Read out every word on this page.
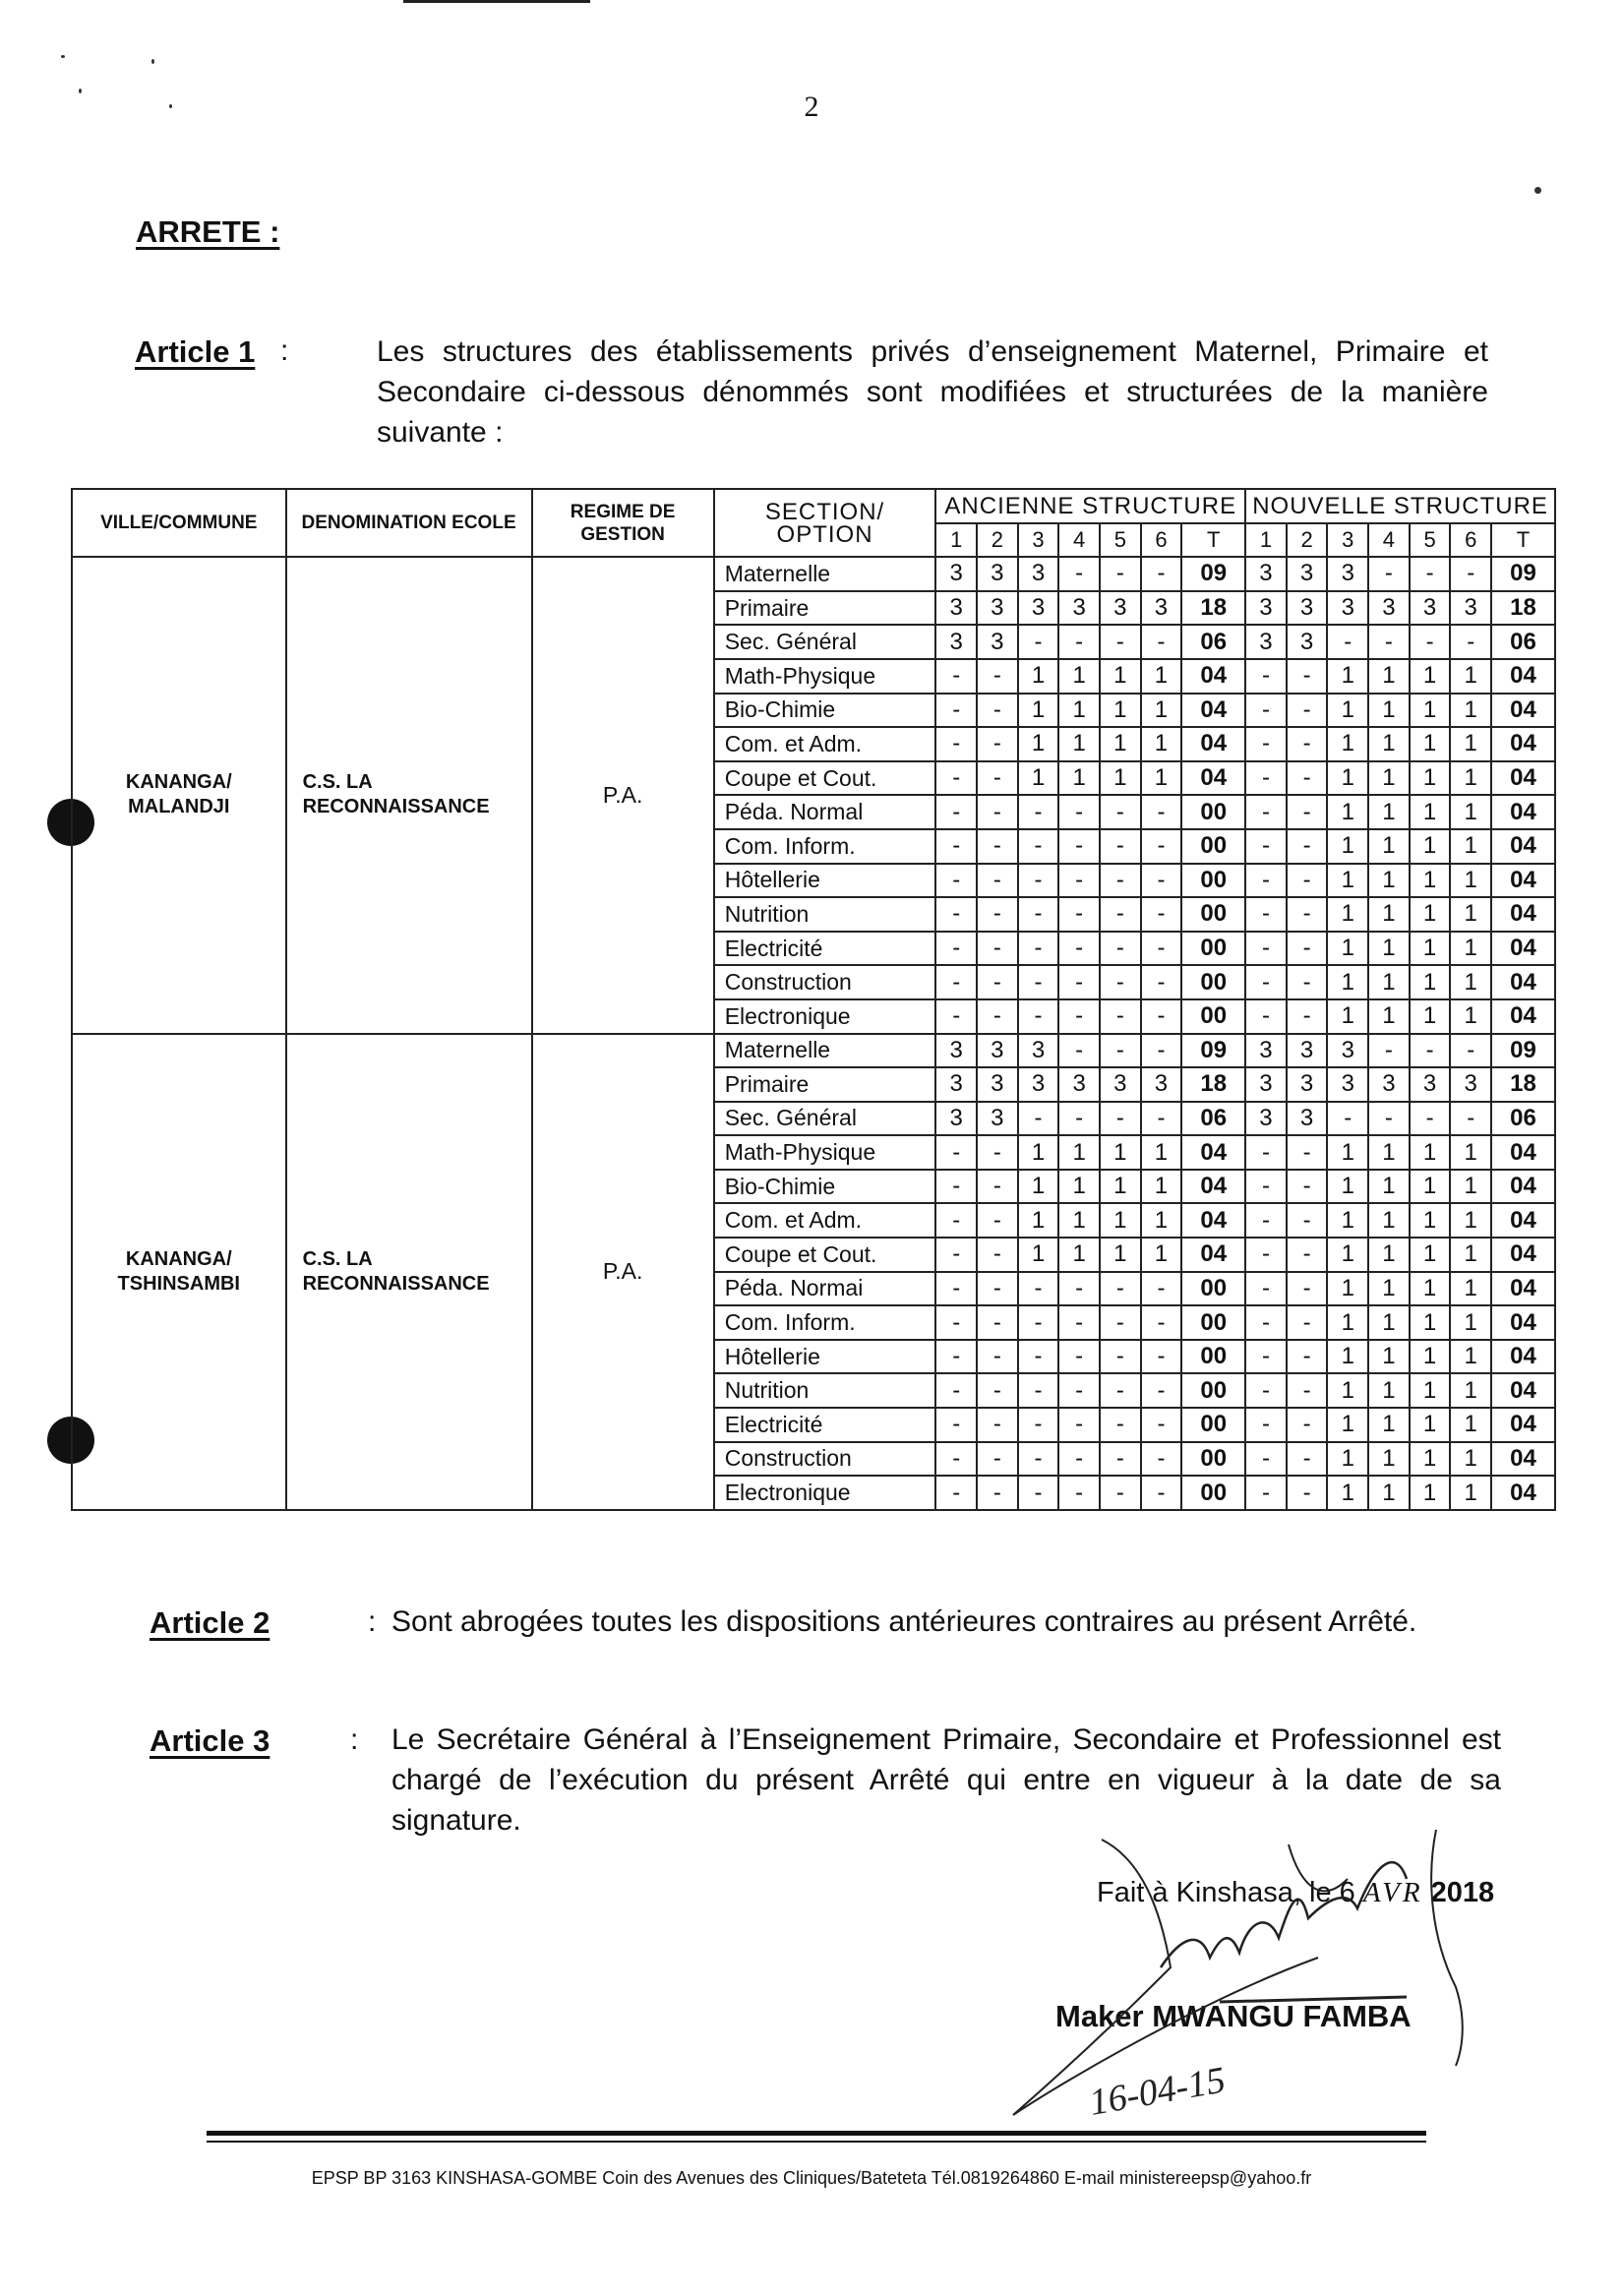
2
ARRETE :
Article 1 :	Les structures des établissements privés d’enseignement Maternel, Primaire et Secondaire ci-dessous dénommés sont modifiées et structurées de la manière suivante :
VILLE/COMMUNE	DENOMINATION ECOLE	REGIME DE GESTION	SECTION/ OPTION	ANCIENNE STRUCTURE							NOUVELLE STRUCTURE						
				1	2	3	4	5	6	T	1	2	3	4	5	6	T
KANANGA/ MALANDJI	C.S. LA RECONNAISSANCE	P.A.	Maternelle	3	3	3	-	-	-	09	3	3	3	-	-	-	09
			Primaire	3	3	3	3	3	3	18	3	3	3	3	3	3	18
			Sec. Général	3	3	-	-	-	-	06	3	3	-	-	-	-	06
			Math-Physique	-	-	1	1	1	1	04	-	-	1	1	1	1	04
			Bio-Chimie	-	-	1	1	1	1	04	-	-	1	1	1	1	04
			Com. et Adm.	-	-	1	1	1	1	04	-	-	1	1	1	1	04
			Coupe et Cout.	-	-	1	1	1	1	04	-	-	1	1	1	1	04
			Péda. Normal	-	-	-	-	-	-	00	-	-	1	1	1	1	04
			Com. Inform.	-	-	-	-	-	-	00	-	-	1	1	1	1	04
			Hôtellerie	-	-	-	-	-	-	00	-	-	1	1	1	1	04
			Nutrition	-	-	-	-	-	-	00	-	-	1	1	1	1	04
			Electricité	-	-	-	-	-	-	00	-	-	1	1	1	1	04
			Construction	-	-	-	-	-	-	00	-	-	1	1	1	1	04
			Electronique	-	-	-	-	-	-	00	-	-	1	1	1	1	04
KANANGA/ TSHINSAMBI	C.S. LA RECONNAISSANCE	P.A.	Maternelle	3	3	3	-	-	-	09	3	3	3	-	-	-	09
			Primaire	3	3	3	3	3	3	18	3	3	3	3	3	3	18
			Sec. Général	3	3	-	-	-	-	06	3	3	-	-	-	-	06
			Math-Physique	-	-	1	1	1	1	04	-	-	1	1	1	1	04
			Bio-Chimie	-	-	1	1	1	1	04	-	-	1	1	1	1	04
			Com. et Adm.	-	-	1	1	1	1	04	-	-	1	1	1	1	04
			Coupe et Cout.	-	-	1	1	1	1	04	-	-	1	1	1	1	04
			Péda. Normai	-	-	-	-	-	-	00	-	-	1	1	1	1	04
			Com. Inform.	-	-	-	-	-	-	00	-	-	1	1	1	1	04
			Hôtellerie	-	-	-	-	-	-	00	-	-	1	1	1	1	04
			Nutrition	-	-	-	-	-	-	00	-	-	1	1	1	1	04
			Electricité	-	-	-	-	-	-	00	-	-	1	1	1	1	04
			Construction	-	-	-	-	-	-	00	-	-	1	1	1	1	04
			Electronique	-	-	-	-	-	-	00	-	-	1	1	1	1	04
Article 2	: Sont abrogées toutes les dispositions antérieures contraires au présent Arrêté.
Article 3	: Le Secrétaire Général à l’Enseignement Primaire, Secondaire et Professionnel est chargé de l’exécution du présent Arrêté qui entre en vigueur à la date de sa signature.
Fait à Kinshasa, le 6 AVR 2018
Maker MWANGU FAMBA
16-04-15
EPSP BP 3163 KINSHASA-GOMBE Coin des Avenues des Cliniques/Bateteta Tél.0819264860 E-mail ministereepsp@yahoo.fr
